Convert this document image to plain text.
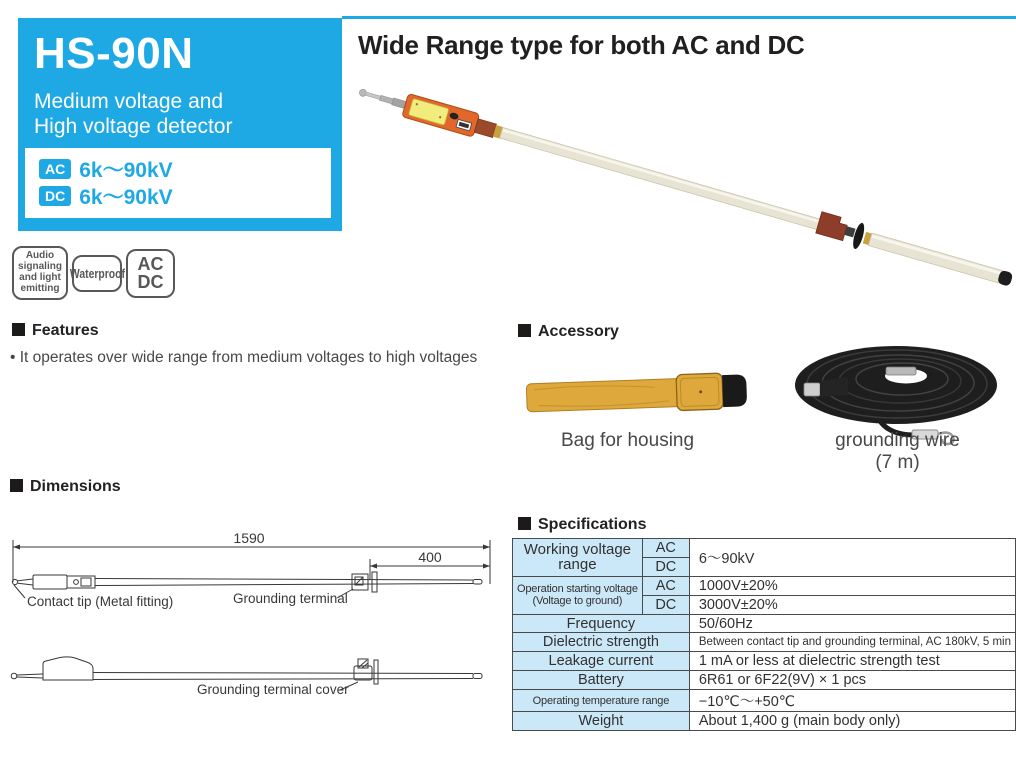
HS-90N
Medium voltage and
High voltage detector
AC 6k～90kV
DC 6k～90kV
Wide Range type for both AC and DC
Audio
signaling
and light
emitting
Waterproof AC
DC
Features
• It operates over wide range from medium voltages to high voltages
Accessory
Bag for housing	grounding wire
(7 m)
Dimensions
1590
400
Contact tip (Metal fitting)	Grounding terminal
Grounding terminal cover
Specifications
Working voltage range	AC	6～90kV
	DC	

Operation starting voltage
(Voltage to ground)	AC	1000V±20%
	DC	3000V±20%
Frequency		50/60Hz
Dielectric strength		Between contact tip and grounding terminal, AC 180kV, 5 min
Leakage current		1 mA or less at dielectric strength test
Battery		6R61 or 6F22(9V) × 1 pcs
Operating temperature range		−10℃～+50℃
Weight		About 1,400 g (main body only)
